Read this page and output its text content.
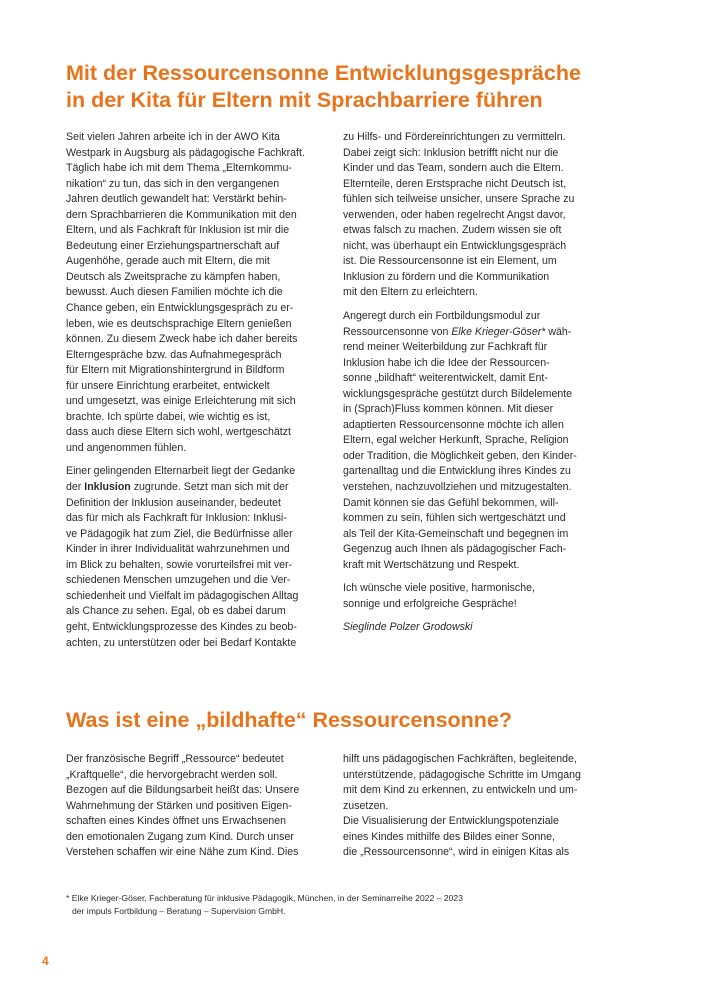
Mit der Ressourcensonne Entwicklungsgespräche
in der Kita für Eltern mit Sprachbarriere führen
Seit vielen Jahren arbeite ich in der AWO Kita
Westpark in Augsburg als pädagogische Fachkraft.
Täglich habe ich mit dem Thema „Elternkommu-
nikation“ zu tun, das sich in den vergangenen
Jahren deutlich gewandelt hat: Verstärkt behin-
dern Sprachbarrieren die Kommunikation mit den
Eltern, und als Fachkraft für Inklusion ist mir die
Bedeutung einer Erziehungspartnerschaft auf
Augenhöhe, gerade auch mit Eltern, die mit
Deutsch als Zweitsprache zu kämpfen haben,
bewusst. Auch diesen Familien möchte ich die
Chance geben, ein Entwicklungsgespräch zu er-
leben, wie es deutschsprachige Eltern genießen
können. Zu diesem Zweck habe ich daher bereits
Elterngespräche bzw. das Aufnahmegespräch
für Eltern mit Migrationshintergrund in Bildform
für unsere Einrichtung erarbeitet, entwickelt
und umgesetzt, was einige Erleichterung mit sich
brachte. Ich spürte dabei, wie wichtig es ist,
dass auch diese Eltern sich wohl, wertgeschätzt
und angenommen fühlen.
Einer gelingenden Elternarbeit liegt der Gedanke
der Inklusion zugrunde. Setzt man sich mit der
Definition der Inklusion auseinander, bedeutet
das für mich als Fachkraft für Inklusion: Inklusi-
ve Pädagogik hat zum Ziel, die Bedürfnisse aller
Kinder in ihrer Individualität wahrzunehmen und
im Blick zu behalten, sowie vorurteilsfrei mit ver-
schiedenen Menschen umzugehen und die Ver-
schiedenheit und Vielfalt im pädagogischen Alltag
als Chance zu sehen. Egal, ob es dabei darum
geht, Entwicklungsprozesse des Kindes zu beob-
achten, zu unterstützen oder bei Bedarf Kontakte
zu Hilfs- und Fördereinrichtungen zu vermitteln.
Dabei zeigt sich: Inklusion betrifft nicht nur die
Kinder und das Team, sondern auch die Eltern.
Elternteile, deren Erstsprache nicht Deutsch ist,
fühlen sich teilweise unsicher, unsere Sprache zu
verwenden, oder haben regelrecht Angst davor,
etwas falsch zu machen. Zudem wissen sie oft
nicht, was überhaupt ein Entwicklungsgespräch
ist. Die Ressourcensonne ist ein Element, um
Inklusion zu fördern und die Kommunikation
mit den Eltern zu erleichtern.
Angeregt durch ein Fortbildungsmodul zur
Ressourcensonne von Elke Krieger-Göser* wäh-
rend meiner Weiterbildung zur Fachkraft für
Inklusion habe ich die Idee der Ressourcen-
sonne „bildhaft“ weiterentwickelt, damit Ent-
wicklungsgespräche gestützt durch Bildelemente
in (Sprach)Fluss kommen können. Mit dieser
adaptierten Ressourcensonne möchte ich allen
Eltern, egal welcher Herkunft, Sprache, Religion
oder Tradition, die Möglichkeit geben, den Kinder-
gartenalltag und die Entwicklung ihres Kindes zu
verstehen, nachzuvollziehen und mitzugestalten.
Damit können sie das Gefühl bekommen, will-
kommen zu sein, fühlen sich wertgeschätzt und
als Teil der Kita-Gemeinschaft und begegnen im
Gegenzug auch Ihnen als pädagogischer Fach-
kraft mit Wertschätzung und Respekt.
Ich wünsche viele positive, harmonische,
sonnige und erfolgreiche Gespräche!
Sieglinde Polzer Grodowski
Was ist eine „bildhafte“ Ressourcensonne?
Der französische Begriff „Ressource“ bedeutet
„Kraftquelle“, die hervorgebracht werden soll.
Bezogen auf die Bildungsarbeit heißt das: Unsere
Wahrnehmung der Stärken und positiven Eigen-
schaften eines Kindes öffnet uns Erwachsenen
den emotionalen Zugang zum Kind. Durch unser
Verstehen schaffen wir eine Nähe zum Kind. Dies
hilft uns pädagogischen Fachkräften, begleitende,
unterstützende, pädagogische Schritte im Umgang
mit dem Kind zu erkennen, zu entwickeln und um-
zusetzen.
Die Visualisierung der Entwicklungspotenziale
eines Kindes mithilfe des Bildes einer Sonne,
die „Ressourcensonne“, wird in einigen Kitas als
* Elke Krieger-Göser, Fachberatung für inklusive Pädagogik, München, in der Seminarreihe 2022 – 2023
der impuls Fortbildung – Beratung – Supervision GmbH.
4
